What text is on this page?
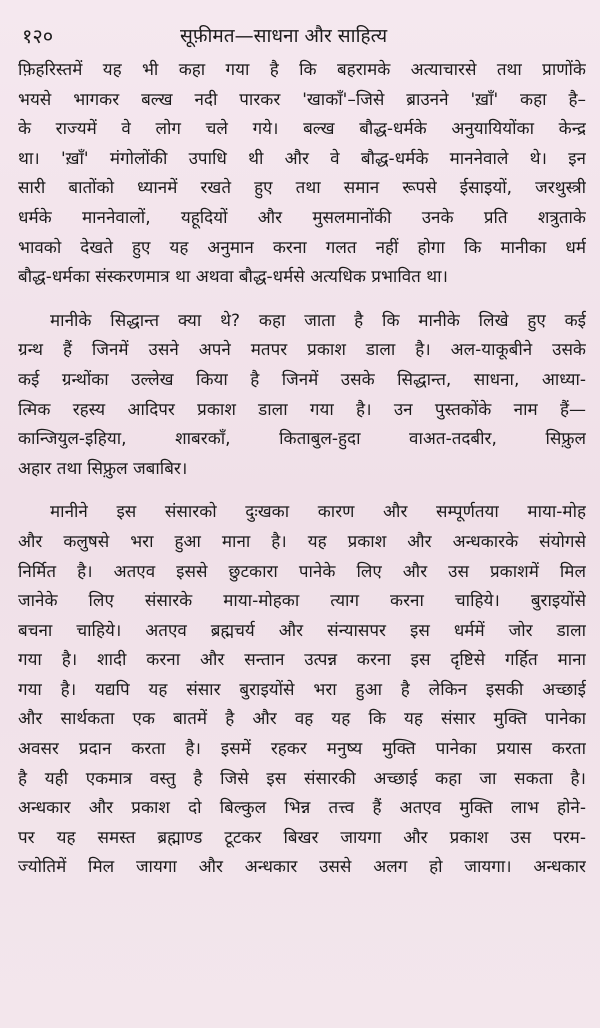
१२०	सूफ़ीमत—साधना और साहित्य
फ़िहरिस्तमें यह भी कहा गया है कि बहरामके अत्याचारसे तथा प्राणोंके
भयसे भागकर बल्ख नदी पारकर 'खाकाँ'–जिसे ब्राउनने 'ख़ाँ' कहा है–
के राज्यमें वे लोग चले गये। बल्ख बौद्ध-धर्मके अनुयायियोंका केन्द्र
था। 'ख़ाँ' मंगोलोंकी उपाधि थी और वे बौद्ध-धर्मके माननेवाले थे। इन
सारी बातोंको ध्यानमें रखते हुए तथा समान रूपसे ईसाइयों, जरथुस्त्री
धर्मके माननेवालों, यहूदियों और मुसलमानोंकी उनके प्रति शत्रुताके
भावको देखते हुए यह अनुमान करना गलत नहीं होगा कि मानीका धर्म
बौद्ध-धर्मका संस्करणमात्र था अथवा बौद्ध-धर्मसे अत्यधिक प्रभावित था।
मानीके सिद्धान्त क्या थे? कहा जाता है कि मानीके लिखे हुए कई
ग्रन्थ हैं जिनमें उसने अपने मतपर प्रकाश डाला है। अल-याकूबीने उसके
कई ग्रन्थोंका उल्लेख किया है जिनमें उसके सिद्धान्त, साधना, आध्या-
त्मिक रहस्य आदिपर प्रकाश डाला गया है। उन पुस्तकोंके नाम हैं—
कान्जियुल-इहिया, शाबरकाँ, किताबुल-हुदा वाअत-तदबीर, सिफ़्रुल
अहार तथा सिफ़्रुल जबाबिर।
मानीने इस संसारको दुःखका कारण और सम्पूर्णतया माया-मोह
और कलुषसे भरा हुआ माना है। यह प्रकाश और अन्धकारके संयोगसे
निर्मित है। अतएव इससे छुटकारा पानेके लिए और उस प्रकाशमें मिल
जानेके लिए संसारके माया-मोहका त्याग करना चाहिये। बुराइयोंसे
बचना चाहिये। अतएव ब्रह्मचर्य और संन्यासपर इस धर्ममें जोर डाला
गया है। शादी करना और सन्तान उत्पन्न करना इस दृष्टिसे गर्हित माना
गया है। यद्यपि यह संसार बुराइयोंसे भरा हुआ है लेकिन इसकी अच्छाई
और सार्थकता एक बातमें है और वह यह कि यह संसार मुक्ति पानेका
अवसर प्रदान करता है। इसमें रहकर मनुष्य मुक्ति पानेका प्रयास करता
है यही एकमात्र वस्तु है जिसे इस संसारकी अच्छाई कहा जा सकता है।
अन्धकार और प्रकाश दो बिल्कुल भिन्न तत्त्व हैं अतएव मुक्ति लाभ होने-
पर यह समस्त ब्रह्माण्ड टूटकर बिखर जायगा और प्रकाश उस परम-
ज्योतिमें मिल जायगा और अन्धकार उससे अलग हो जायगा। अन्धकार
